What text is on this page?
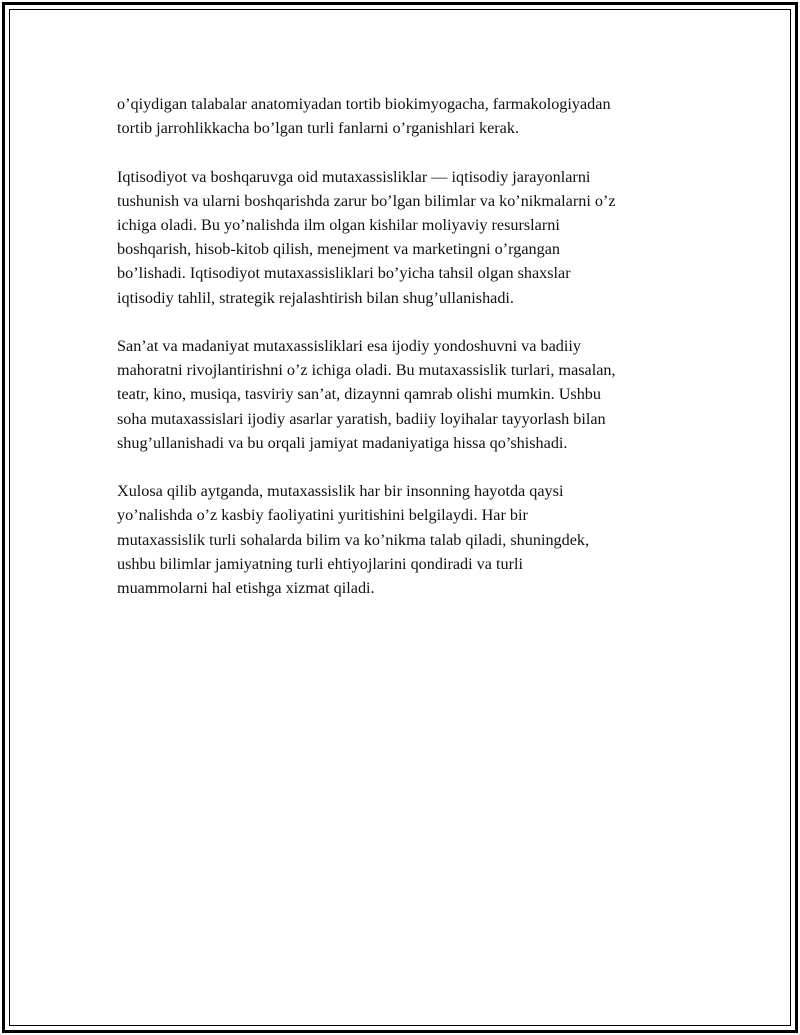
o’qiydigan talabalar anatomiyadan tortib biokimyogacha, farmakologiyadan
tortib jarrohlikkacha bo’lgan turli fanlarni o’rganishlari kerak.

Iqtisodiyot va boshqaruvga oid mutaxassisliklar — iqtisodiy jarayonlarni
tushunish va ularni boshqarishda zarur bo’lgan bilimlar va ko’nikmalarni o’z
ichiga oladi. Bu yo’nalishda ilm olgan kishilar moliyaviy resurslarni
boshqarish, hisob-kitob qilish, menejment va marketingni o’rgangan
bo’lishadi. Iqtisodiyot mutaxassisliklari bo’yicha tahsil olgan shaxslar
iqtisodiy tahlil, strategik rejalashtirish bilan shug’ullanishadi.

San’at va madaniyat mutaxassisliklari esa ijodiy yondoshuvni va badiiy
mahoratni rivojlantirishni o’z ichiga oladi. Bu mutaxassislik turlari, masalan,
teatr, kino, musiqa, tasviriy san’at, dizaynni qamrab olishi mumkin. Ushbu
soha mutaxassislari ijodiy asarlar yaratish, badiiy loyihalar tayyorlash bilan
shug’ullanishadi va bu orqali jamiyat madaniyatiga hissa qo’shishadi.

Xulosa qilib aytganda, mutaxassislik har bir insonning hayotda qaysi
yo’nalishda o’z kasbiy faoliyatini yuritishini belgilaydi. Har bir
mutaxassislik turli sohalarda bilim va ko’nikma talab qiladi, shuningdek,
ushbu bilimlar jamiyatning turli ehtiyojlarini qondiradi va turli
muammolarni hal etishga xizmat qiladi.
